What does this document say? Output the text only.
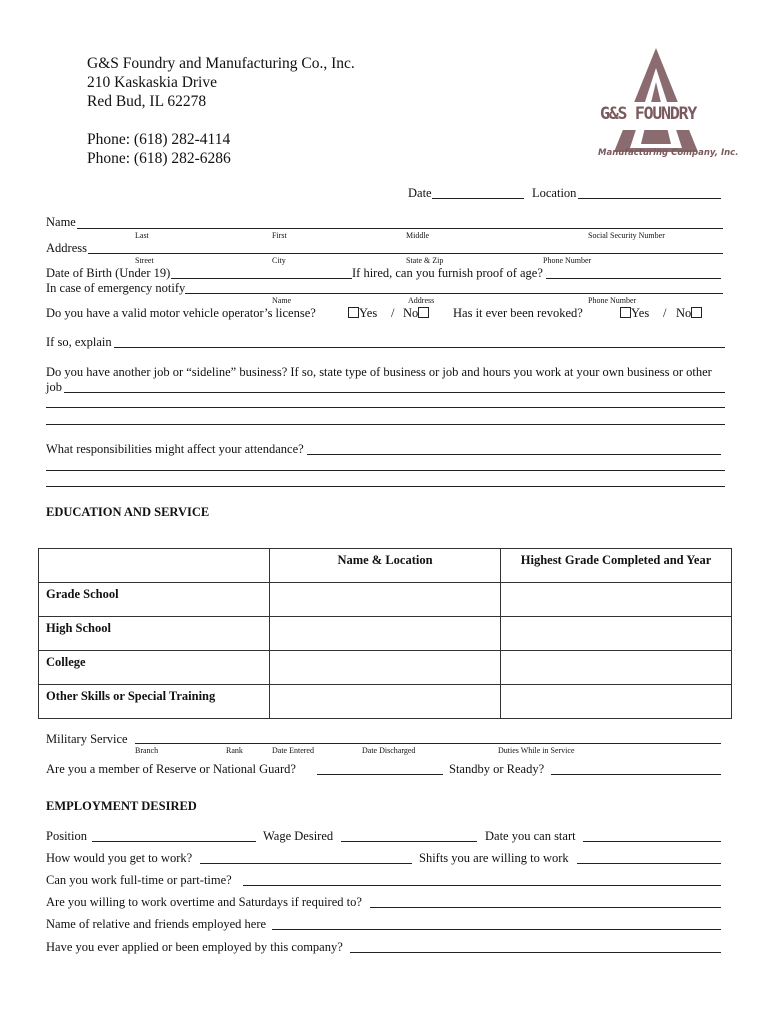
G&S Foundry and Manufacturing Co., Inc.
210 Kaskaskia Drive
Red Bud, IL 62278
Phone: (618) 282-4114
Phone: (618) 282-6286
G&S FOUNDRY
Manufacturing Company, Inc.
Date	Location
Name
Last	First	Middle	Social Security Number
Address
Street	City	State & Zip	Phone Number
Date of Birth (Under 19)	If hired, can you furnish proof of age?
In case of emergency notify
Name	Address	Phone Number
Do you have a valid motor vehicle operator’s license?	Yes / No	Has it ever been revoked?	Yes / No
If so, explain
Do you have another job or “sideline” business? If so, state type of business or job and hours you work at your own business or other
job
What responsibilities might affect your attendance?
EDUCATION AND SERVICE
	Name & Location	Highest Grade Completed and Year
Grade School		
High School		
College		
Other Skills or Special Training		
Military Service
Branch	Rank	Date Entered	Date Discharged	Duties While in Service
Are you a member of Reserve or National Guard?	Standby or Ready?
EMPLOYMENT DESIRED
Position	Wage Desired	Date you can start
How would you get to work?	Shifts you are willing to work
Can you work full-time or part-time?
Are you willing to work overtime and Saturdays if required to?
Name of relative and friends employed here
Have you ever applied or been employed by this company?
